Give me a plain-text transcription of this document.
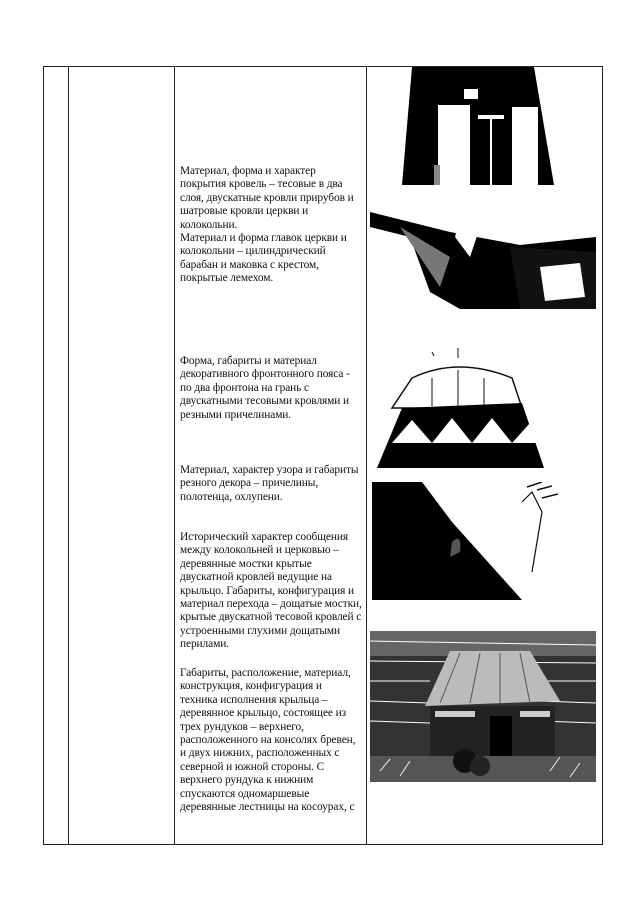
Материал, форма и характер покрытия кровель – тесовые в два слоя, двускатные кровли прирубов и шатровые кровли церкви и колокольни.
Материал и форма главок церкви и колокольни – цилиндрический барабан и маковка с крестом, покрытые лемехом.
Форма, габариты и материал декоративного фронтонного пояса - по два фронтона на грань с двускатными тесовыми кровлями и резными причелинами.
Материал, характер узора и габариты резного декора – причелины, полотенца, охлупени.
Исторический характер сообщения между колокольней и церковью – деревянные мостки крытые двускатной кровлей ведущие на крыльцо. Габариты, конфигурация и материал перехода – дощатые мостки, крытые двускатной тесовой кровлей с устроенными глухими дощатыми перилами.
Габариты, расположение, материал, конструкция, конфигурация и техника исполнения крыльца – деревянное крыльцо, состоящее из трех рундуков – верхнего, расположенного на консолях бревен, и двух нижних, расположенных с северной и южной стороны. С верхнего рундука к нижним спускаются одномаршевые деревянные лестницы на косоурах, с
